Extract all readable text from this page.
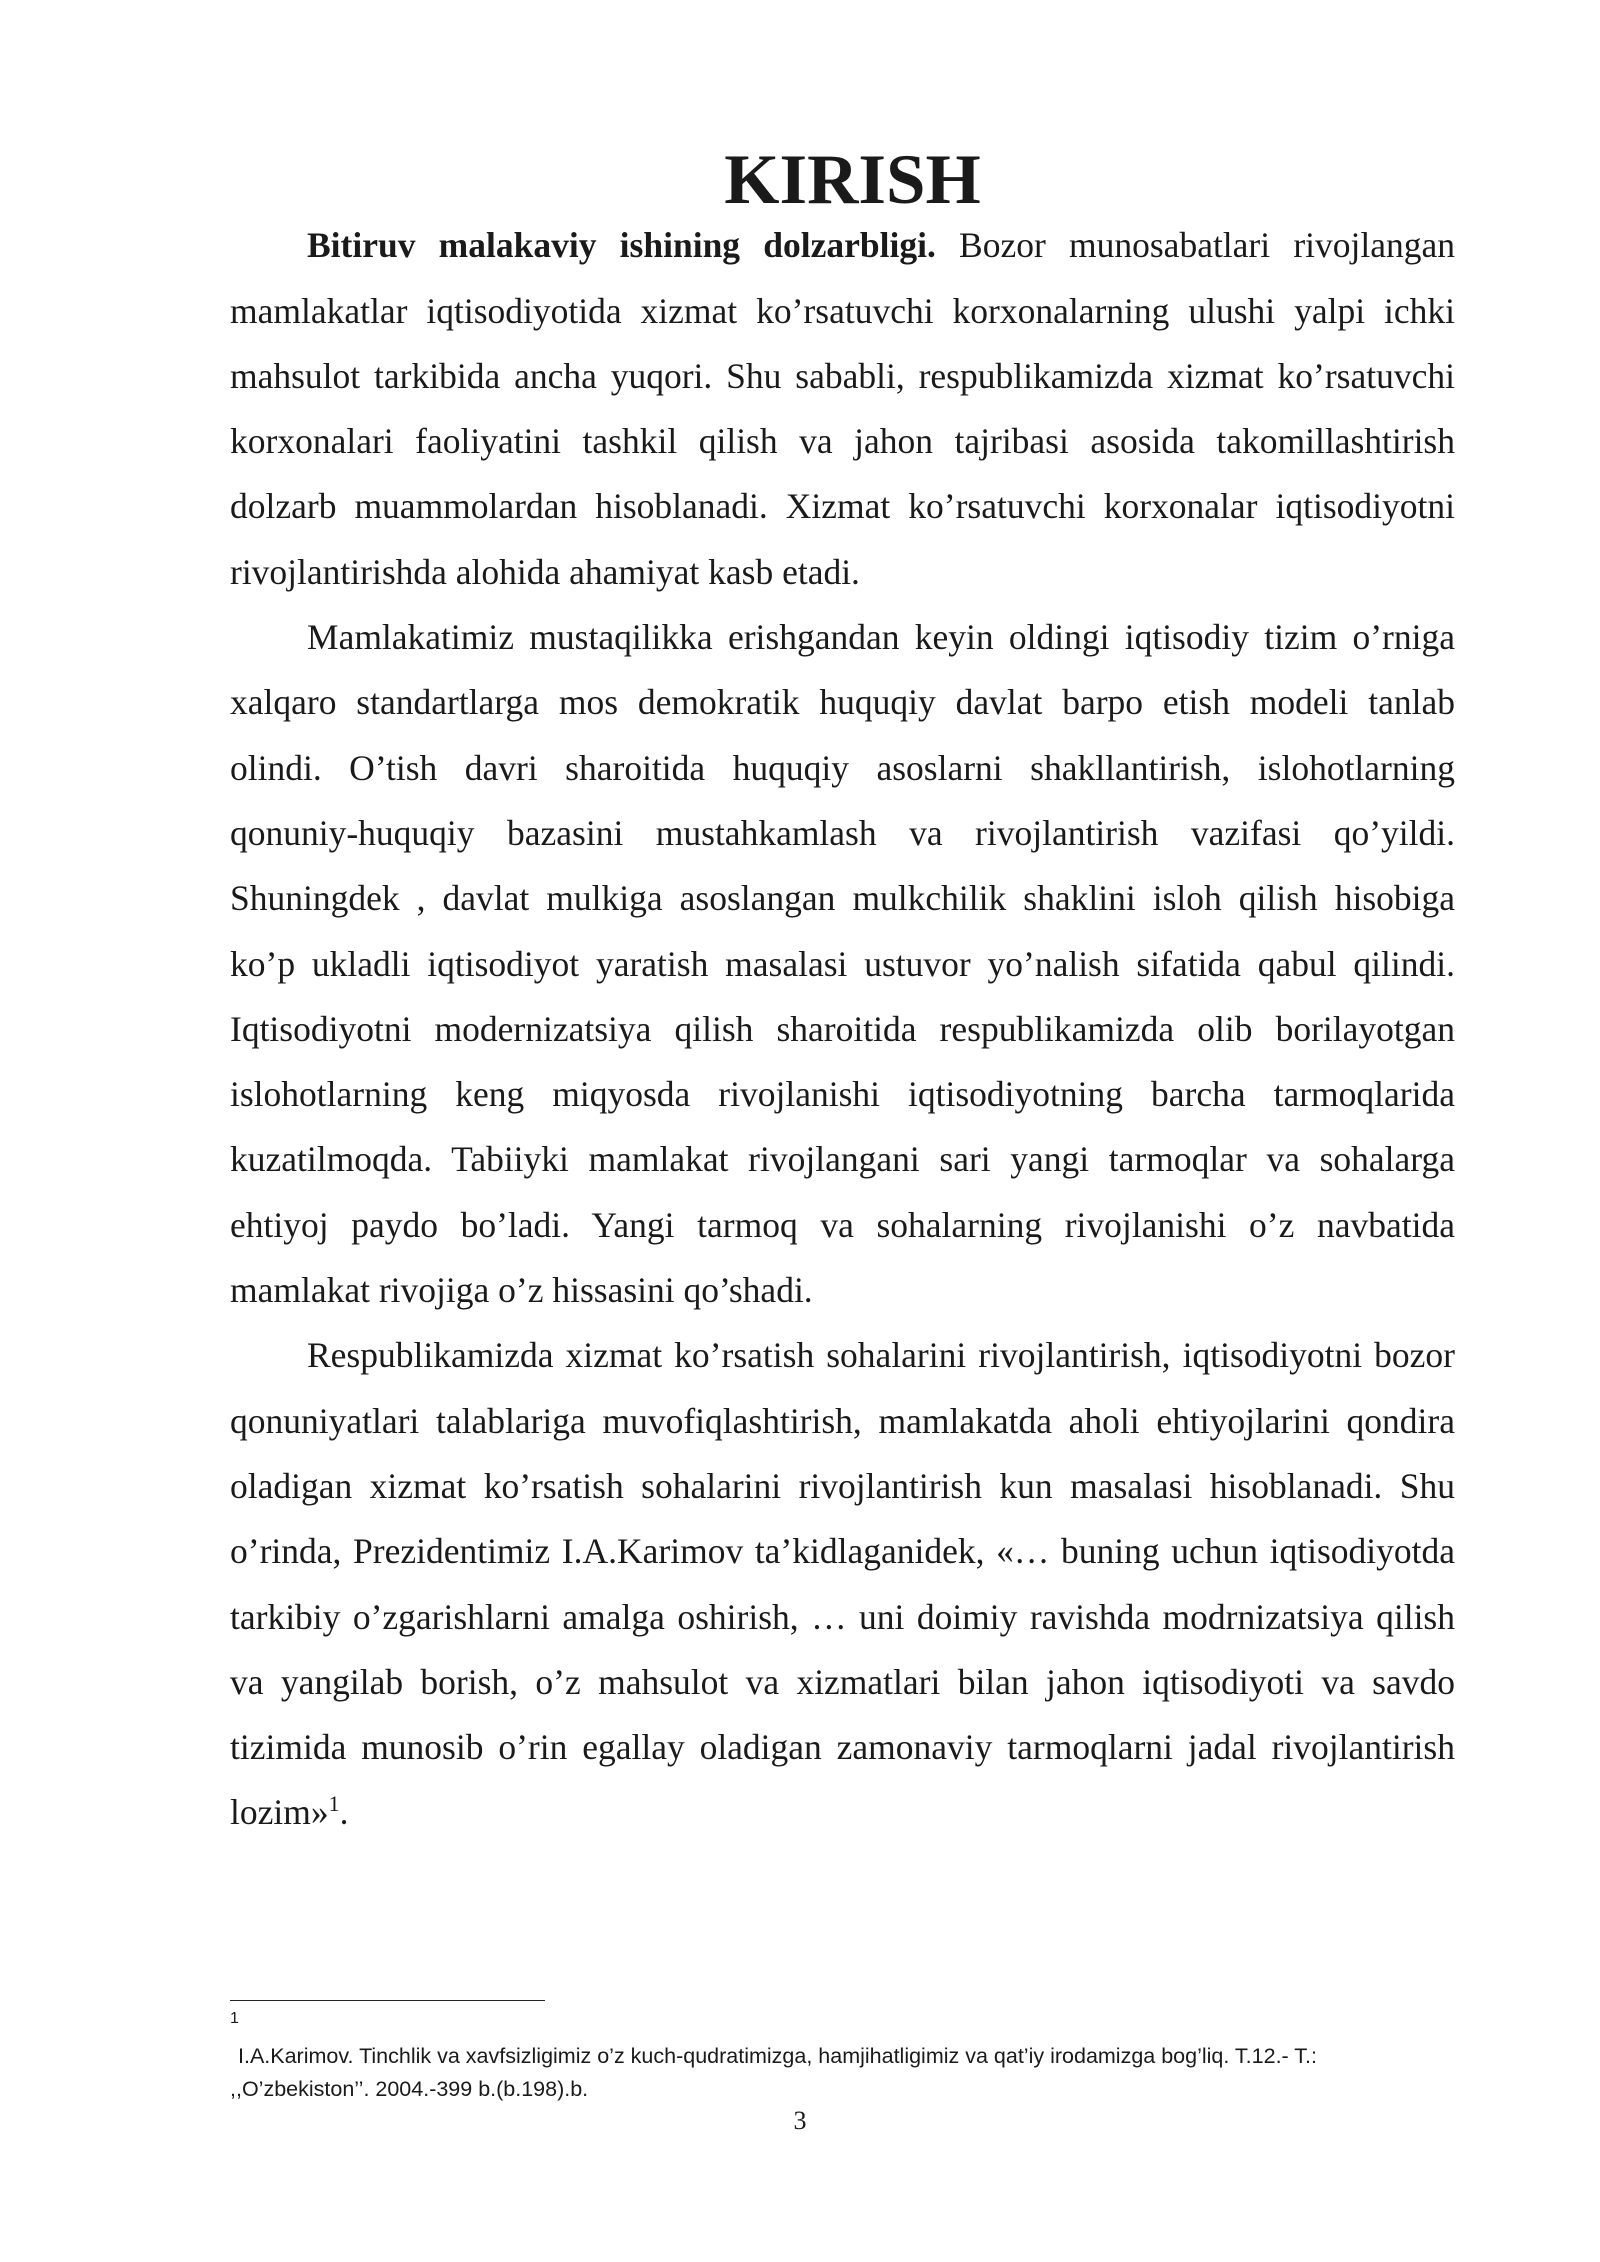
KIRISH

Bitiruv malakaviy ishining dolzarbligi. Bozor munosabatlari rivojlangan mamlakatlar iqtisodiyotida xizmat ko’rsatuvchi korxonalarning ulushi yalpi ichki mahsulot tarkibida ancha yuqori. Shu sababli, respublikamizda xizmat ko’rsatuvchi korxonalari faoliyatini tashkil qilish va jahon tajribasi asosida takomillashtirish dolzarb muammolardan hisoblanadi. Xizmat ko’rsatuvchi korxonalar iqtisodiyotni rivojlantirishda alohida ahamiyat kasb etadi.

Mamlakatimiz mustaqilikka erishgandan keyin oldingi iqtisodiy tizim o’rniga xalqaro standartlarga mos demokratik huquqiy davlat barpo etish modeli tanlab olindi. O’tish davri sharoitida huquqiy asoslarni shakllantirish, islohotlarning qonuniy-huquqiy bazasini mustahkamlash va rivojlantirish vazifasi qo’yildi. Shuningdek , davlat mulkiga asoslangan mulkchilik shaklini isloh qilish hisobiga ko’p ukladli iqtisodiyot yaratish masalasi ustuvor yo’nalish sifatida qabul qilindi. Iqtisodiyotni modernizatsiya qilish sharoitida respublikamizda olib borilayotgan islohotlarning keng miqyosda rivojlanishi iqtisodiyotning barcha tarmoqlarida kuzatilmoqda. Tabiiyki mamlakat rivojlangani sari yangi tarmoqlar va sohalarga ehtiyoj paydo bo’ladi. Yangi tarmoq va sohalarning rivojlanishi o’z navbatida mamlakat rivojiga o’z hissasini qo’shadi.

Respublikamizda xizmat ko’rsatish sohalarini rivojlantirish, iqtisodiyotni bozor qonuniyatlari talablariga muvofiqlashtirish, mamlakatda aholi ehtiyojlarini qondira oladigan xizmat ko’rsatish sohalarini rivojlantirish kun masalasi hisoblanadi. Shu o’rinda, Prezidentimiz I.A.Karimov ta’kidlaganidek, «… buning uchun iqtisodiyotda tarkibiy o’zgarishlarni amalga oshirish, … uni doimiy ravishda modrnizatsiya qilish va yangilab borish, o’z mahsulot va xizmatlari bilan jahon iqtisodiyoti va savdo tizimida munosib o’rin egallay oladigan zamonaviy tarmoqlarni jadal rivojlantirish lozim»$^1$.

1
I.A.Karimov. Tinchlik va xavfsizligimiz o’z kuch-qudratimizga, hamjihatligimiz va qat’iy irodamizga bog’liq. T.12.- T.: ,,O’zbekiston’’. 2004.-399 b.(b.198).b.
3
